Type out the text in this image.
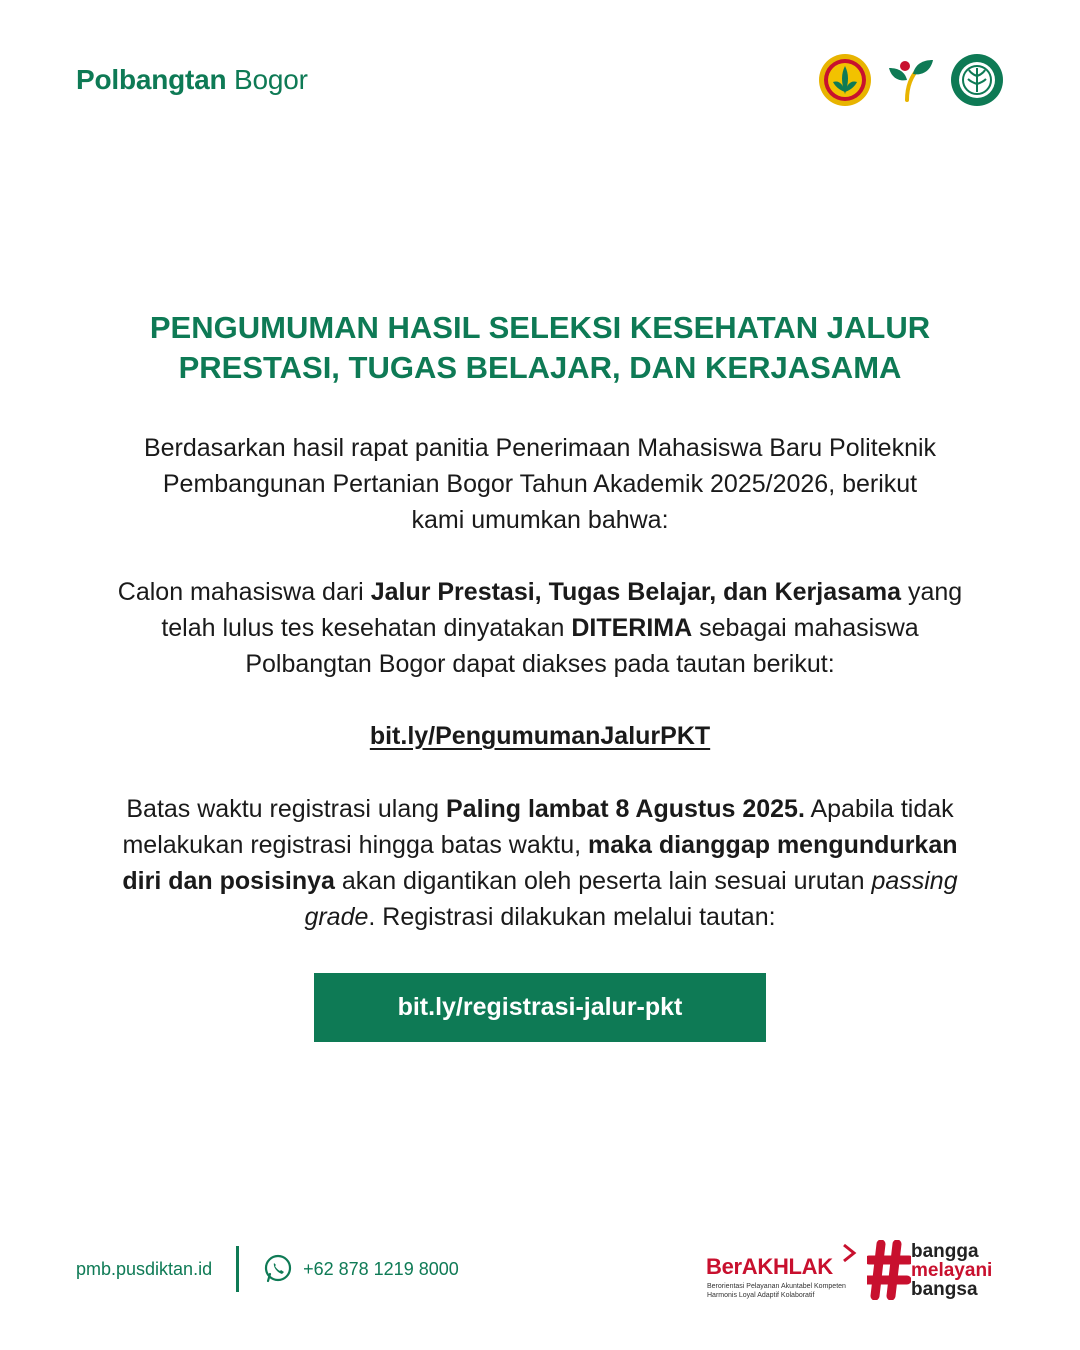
Polbangtan Bogor
PENGUMUMAN HASIL SELEKSI KESEHATAN JALUR PRESTASI, TUGAS BELAJAR, DAN KERJASAMA
Berdasarkan hasil rapat panitia Penerimaan Mahasiswa Baru Politeknik Pembangunan Pertanian Bogor Tahun Akademik 2025/2026, berikut kami umumkan bahwa:
Calon mahasiswa dari Jalur Prestasi, Tugas Belajar, dan Kerjasama yang telah lulus tes kesehatan dinyatakan DITERIMA sebagai mahasiswa Polbangtan Bogor dapat diakses pada tautan berikut:
bit.ly/PengumumanJalurPKT
Batas waktu registrasi ulang Paling lambat 8 Agustus 2025. Apabila tidak melakukan registrasi hingga batas waktu, maka dianggap mengundurkan diri dan posisinya akan digantikan oleh peserta lain sesuai urutan passing grade. Registrasi dilakukan melalui tautan:
bit.ly/registrasi-jalur-pkt
pmb.pusdiktan.id	+62 878 1219 8000	BerAKHLAK
Berorientasi Pelayanan Akuntabel Kompeten Harmonis Loyal Adaptif Kolaboratif
bangga
melayani
bangsa
